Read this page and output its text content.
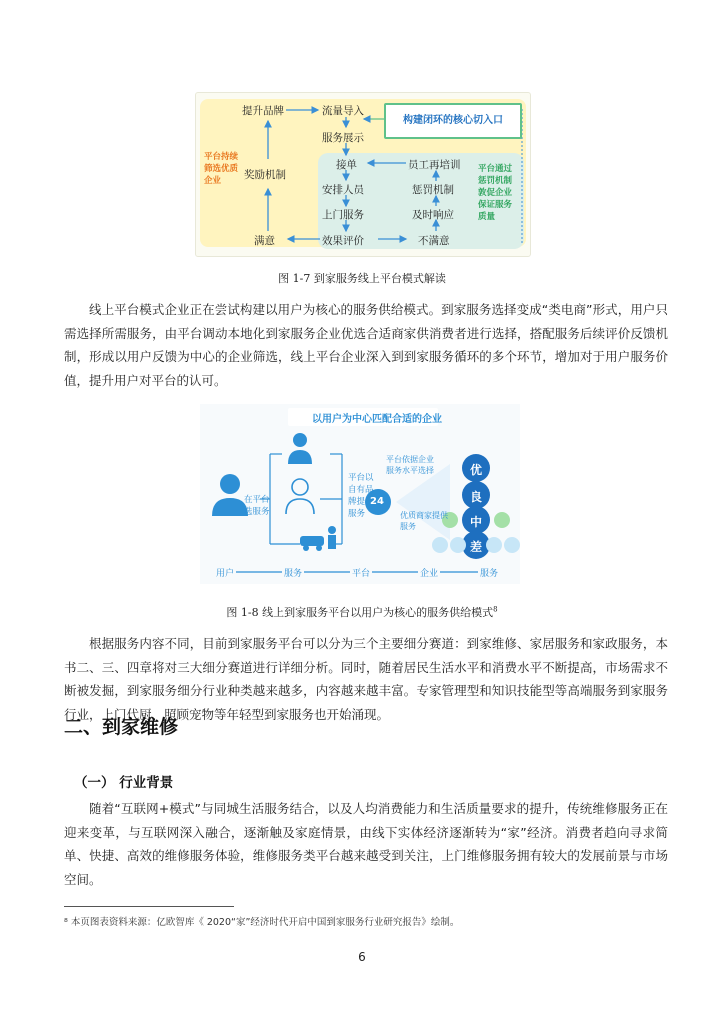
构建闭环的核心切入口
提升品牌	流量导入
服务展示
接单
安排人员
上门服务
效果评价
奖励机制
满意
员工再培训
惩罚机制
及时响应
不满意
平台持续
筛选优质
企业
平台通过
惩罚机制
敦促企业
保证服务
质量
图 1-7 到家服务线上平台模式解读

线上平台模式企业正在尝试构建以用户为核心的服务供给模式。到家服务选择变成“类电商”形式，用户只需选择所需服务，由平台调动本地化到家服务企业优选合适商家供消费者进行选择，搭配服务后续评价反馈机制，形成以用户反馈为中心的企业筛选，线上平台企业深入到到家服务循环的多个环节，增加对于用户服务价值，提升用户对平台的认可。

以用户为中心匹配合适的企业
在平台
选服务
平台以
自有品
牌提供
服务
平台依据企业
服务水平选择
优质商家提供
服务
24
优
良
中
差
用户	服务	平台	企业	服务
图 1-8 线上到家服务平台以用户为核心的服务供给模式$^8$

根据服务内容不同，目前到家服务平台可以分为三个主要细分赛道：到家维修、家居服务和家政服务，本书二、三、四章将对三大细分赛道进行详细分析。同时，随着居民生活水平和消费水平不断提高，市场需求不断被发掘，到家服务细分行业种类越来越多，内容越来越丰富。专家管理型和知识技能型等高端服务到家服务行业，上门代厨、照顾宠物等年轻型到家服务也开始涌现。

二、到家维修
（一） 行业背景

随着“互联网+模式”与同城生活服务结合，以及人均消费能力和生活质量要求的提升，传统维修服务正在迎来变革，与互联网深入融合，逐渐触及家庭情景，由线下实体经济逐渐转为“家”经济。消费者趋向寻求简单、快捷、高效的维修服务体验，维修服务类平台越来越受到关注，上门维修服务拥有较大的发展前景与市场空间。

⁸ 本页图表资料来源：亿欧智库《 2020“家”经济时代开启中国到家服务行业研究报告》绘制。
6
